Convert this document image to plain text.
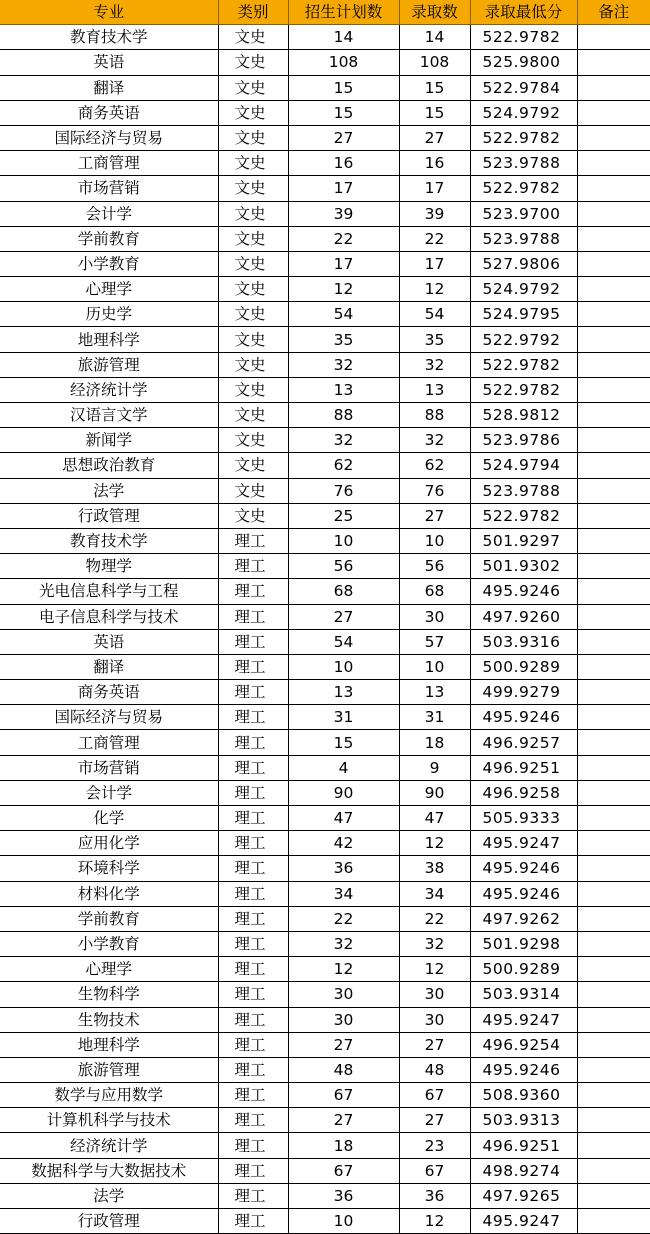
专业	类别	招生计划数	录取数	录取最低分	备注
教育技术学	文史	14	14	522.9782	
英语	文史	108	108	525.9800	
翻译	文史	15	15	522.9784	
商务英语	文史	15	15	524.9792	
国际经济与贸易	文史	27	27	522.9782	
工商管理	文史	16	16	523.9788	
市场营销	文史	17	17	522.9782	
会计学	文史	39	39	523.9700	
学前教育	文史	22	22	523.9788	
小学教育	文史	17	17	527.9806	
心理学	文史	12	12	524.9792	
历史学	文史	54	54	524.9795	
地理科学	文史	35	35	522.9792	
旅游管理	文史	32	32	522.9782	
经济统计学	文史	13	13	522.9782	
汉语言文学	文史	88	88	528.9812	
新闻学	文史	32	32	523.9786	
思想政治教育	文史	62	62	524.9794	
法学	文史	76	76	523.9788	
行政管理	文史	25	27	522.9782	
教育技术学	理工	10	10	501.9297	
物理学	理工	56	56	501.9302	
光电信息科学与工程	理工	68	68	495.9246	
电子信息科学与技术	理工	27	30	497.9260	
英语	理工	54	57	503.9316	
翻译	理工	10	10	500.9289	
商务英语	理工	13	13	499.9279	
国际经济与贸易	理工	31	31	495.9246	
工商管理	理工	15	18	496.9257	
市场营销	理工	4	9	496.9251	
会计学	理工	90	90	496.9258	
化学	理工	47	47	505.9333	
应用化学	理工	42	12	495.9247	
环境科学	理工	36	38	495.9246	
材料化学	理工	34	34	495.9246	
学前教育	理工	22	22	497.9262	
小学教育	理工	32	32	501.9298	
心理学	理工	12	12	500.9289	
生物科学	理工	30	30	503.9314	
生物技术	理工	30	30	495.9247	
地理科学	理工	27	27	496.9254	
旅游管理	理工	48	48	495.9246	
数学与应用数学	理工	67	67	508.9360	
计算机科学与技术	理工	27	27	503.9313	
经济统计学	理工	18	23	496.9251	
数据科学与大数据技术	理工	67	67	498.9274	
法学	理工	36	36	497.9265	
行政管理	理工	10	12	495.9247	
